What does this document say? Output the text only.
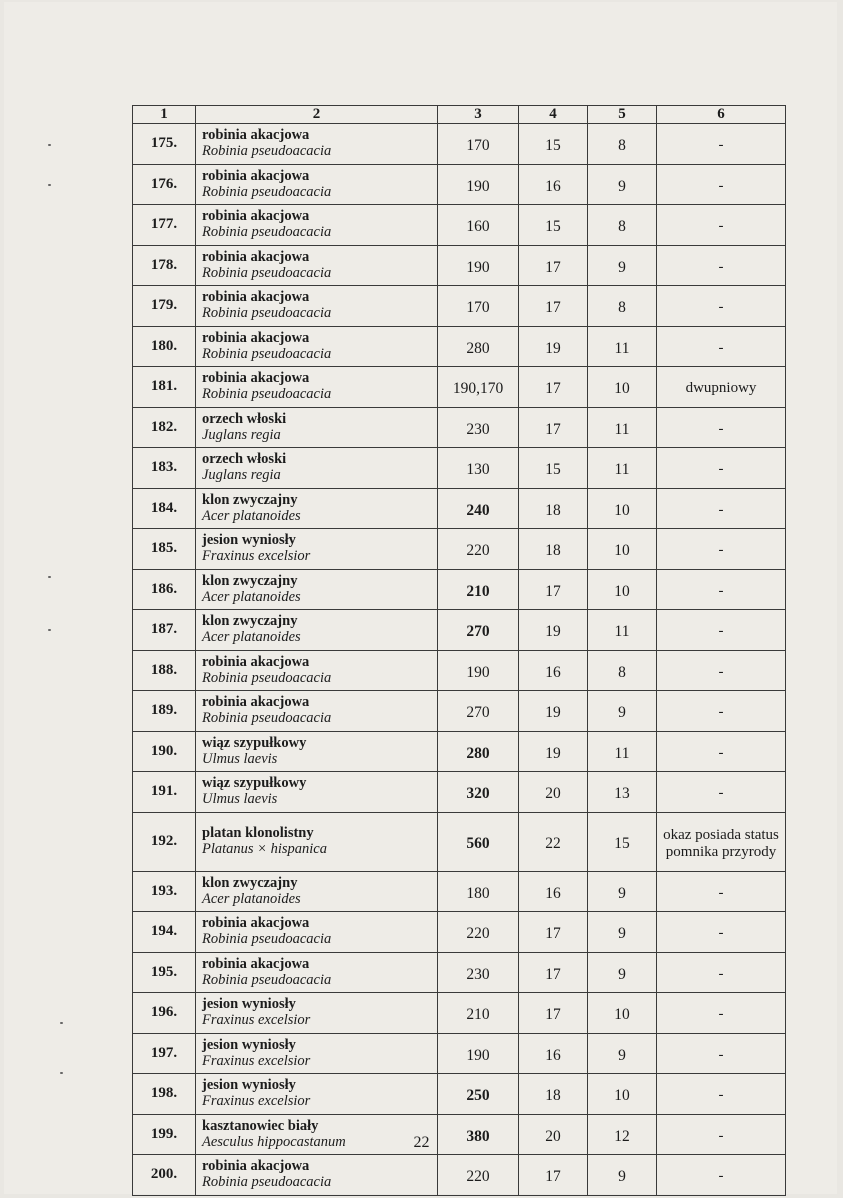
1	2	3	4	5	6
175.	robinia akacjowa
Robinia pseudoacacia	170	15	8	-
176.	robinia akacjowa
Robinia pseudoacacia	190	16	9	-
177.	robinia akacjowa
Robinia pseudoacacia	160	15	8	-
178.	robinia akacjowa
Robinia pseudoacacia	190	17	9	-
179.	robinia akacjowa
Robinia pseudoacacia	170	17	8	-
180.	robinia akacjowa
Robinia pseudoacacia	280	19	11	-
181.	robinia akacjowa
Robinia pseudoacacia	190,170	17	10	dwupniowy
182.	orzech włoski
Juglans regia	230	17	11	-
183.	orzech włoski
Juglans regia	130	15	11	-
184.	klon zwyczajny
Acer platanoides	240	18	10	-
185.	jesion wyniosły
Fraxinus excelsior	220	18	10	-
186.	klon zwyczajny
Acer platanoides	210	17	10	-
187.	klon zwyczajny
Acer platanoides	270	19	11	-
188.	robinia akacjowa
Robinia pseudoacacia	190	16	8	-
189.	robinia akacjowa
Robinia pseudoacacia	270	19	9	-
190.	wiąz szypułkowy
Ulmus laevis	280	19	11	-
191.	wiąz szypułkowy
Ulmus laevis	320	20	13	-
192.	platan klonolistny
Platanus × hispanica	560	22	15	okaz posiada status pomnika przyrody
193.	klon zwyczajny
Acer platanoides	180	16	9	-
194.	robinia akacjowa
Robinia pseudoacacia	220	17	9	-
195.	robinia akacjowa
Robinia pseudoacacia	230	17	9	-
196.	jesion wyniosły
Fraxinus excelsior	210	17	10	-
197.	jesion wyniosły
Fraxinus excelsior	190	16	9	-
198.	jesion wyniosły
Fraxinus excelsior	250	18	10	-
199.	kasztanowiec biały
Aesculus hippocastanum	380	20	12	-
200.	robinia akacjowa
Robinia pseudoacacia	220	17	9	-
22
